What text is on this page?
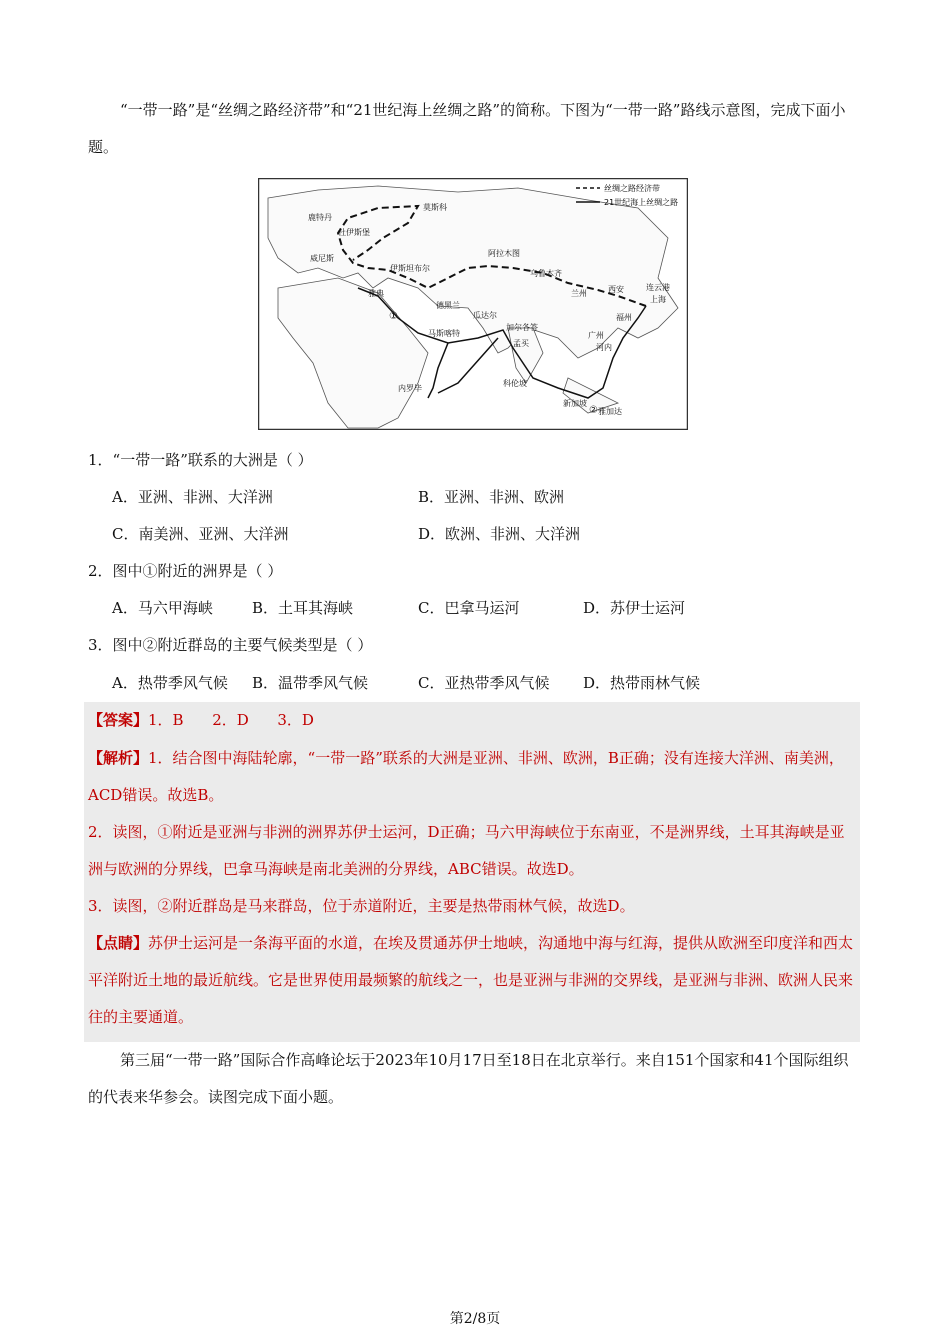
“一带一路”是“丝绸之路经济带”和“21世纪海上丝绸之路”的简称。下图为“一带一路”路线示意图，完成下面小题。

丝绸之路经济带
21世纪海上丝绸之路
莫斯科
鹿特丹
杜伊斯堡
威尼斯
伊斯坦布尔
雅典
阿拉木图
乌鲁木齐
兰州	西安	连云港
上海
福州
德黑兰
瓜达尔
马斯喀特
加尔各答
孟买	河内
广州
内罗毕
科伦坡
新加坡
雅加达
①
②
1．“一带一路”联系的大洲是（ ）
A．亚洲、非洲、大洋洲	B．亚洲、非洲、欧洲
C．南美洲、亚洲、大洋洲	D．欧洲、非洲、大洋洲
2．图中①附近的洲界是（ ）
A．马六甲海峡	B．土耳其海峡	C．巴拿马运河	D．苏伊士运河
3．图中②附近群岛的主要气候类型是（ ）
A．热带季风气候 B．温带季风气候	C．亚热带季风气候 D．热带雨林气候
【答案】1．B      2．D      3．D
【解析】1．结合图中海陆轮廓，“一带一路”联系的大洲是亚洲、非洲、欧洲，B正确；没有连接大洋洲、南美洲，ACD错误。故选B。
2．读图，①附近是亚洲与非洲的洲界苏伊士运河，D正确；马六甲海峡位于东南亚，不是洲界线，土耳其海峡是亚洲与欧洲的分界线，巴拿马海峡是南北美洲的分界线，ABC错误。故选D。
3．读图，②附近群岛是马来群岛，位于赤道附近，主要是热带雨林气候，故选D。
【点睛】苏伊士运河是一条海平面的水道，在埃及贯通苏伊士地峡，沟通地中海与红海，提供从欧洲至印度洋和西太平洋附近土地的最近航线。它是世界使用最频繁的航线之一，也是亚洲与非洲的交界线，是亚洲与非洲、欧洲人民来往的主要通道。

第三届“一带一路”国际合作高峰论坛于2023年10月17日至18日在北京举行。来自151个国家和41个国际组织的代表来华参会。读图完成下面小题。

第2/8页
